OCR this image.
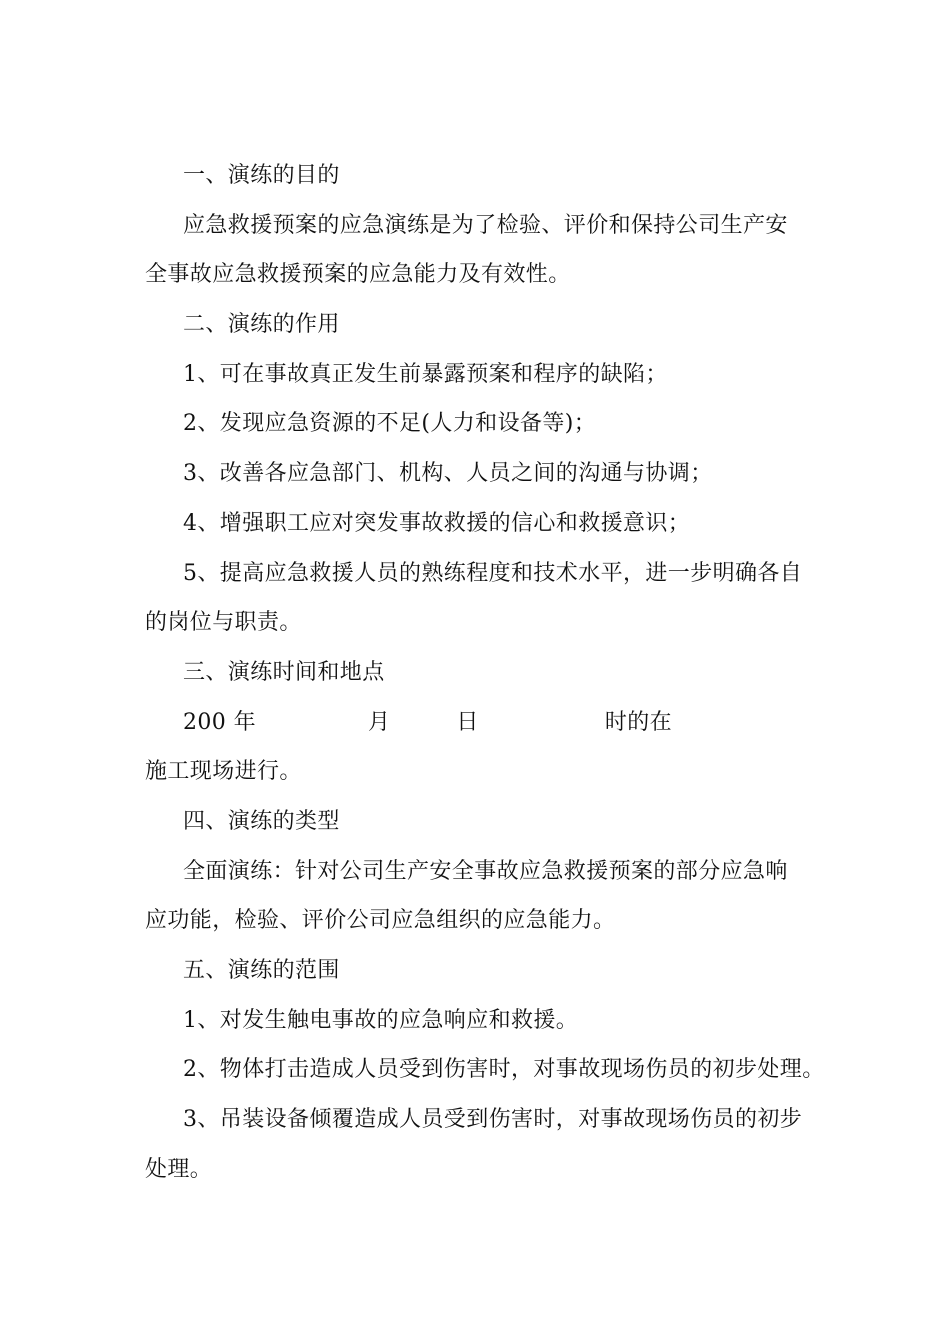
一、演练的目的
应急救援预案的应急演练是为了检验、评价和保持公司生产安
全事故应急救援预案的应急能力及有效性。
二、演练的作用
1、可在事故真正发生前暴露预案和程序的缺陷；
2、发现应急资源的不足(人力和设备等)；
3、改善各应急部门、机构、人员之间的沟通与协调；
4、增强职工应对突发事故救援的信心和救援意识；
5、提高应急救援人员的熟练程度和技术水平，进一步明确各自
的岗位与职责。
三、演练时间和地点
200 年	月	日	时的在
施工现场进行。
四、演练的类型
全面演练：针对公司生产安全事故应急救援预案的部分应急响
应功能，检验、评价公司应急组织的应急能力。
五、演练的范围
1、对发生触电事故的应急响应和救援。
2、物体打击造成人员受到伤害时，对事故现场伤员的初步处理。
3、吊装设备倾覆造成人员受到伤害时，对事故现场伤员的初步
处理。
